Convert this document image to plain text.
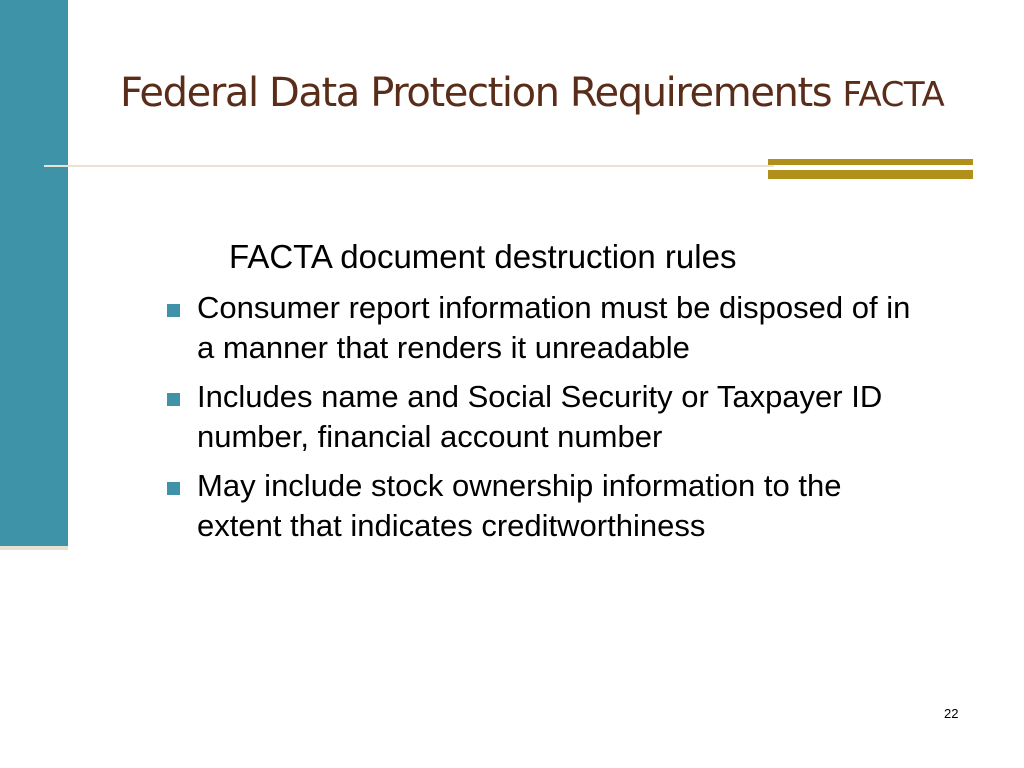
Federal Data Protection Requirements FACTA
FACTA document destruction rules
Consumer report information must be disposed of in a manner that renders it unreadable
Includes name and Social Security or Taxpayer ID number, financial account number
May include stock ownership information to the extent that indicates creditworthiness
22
